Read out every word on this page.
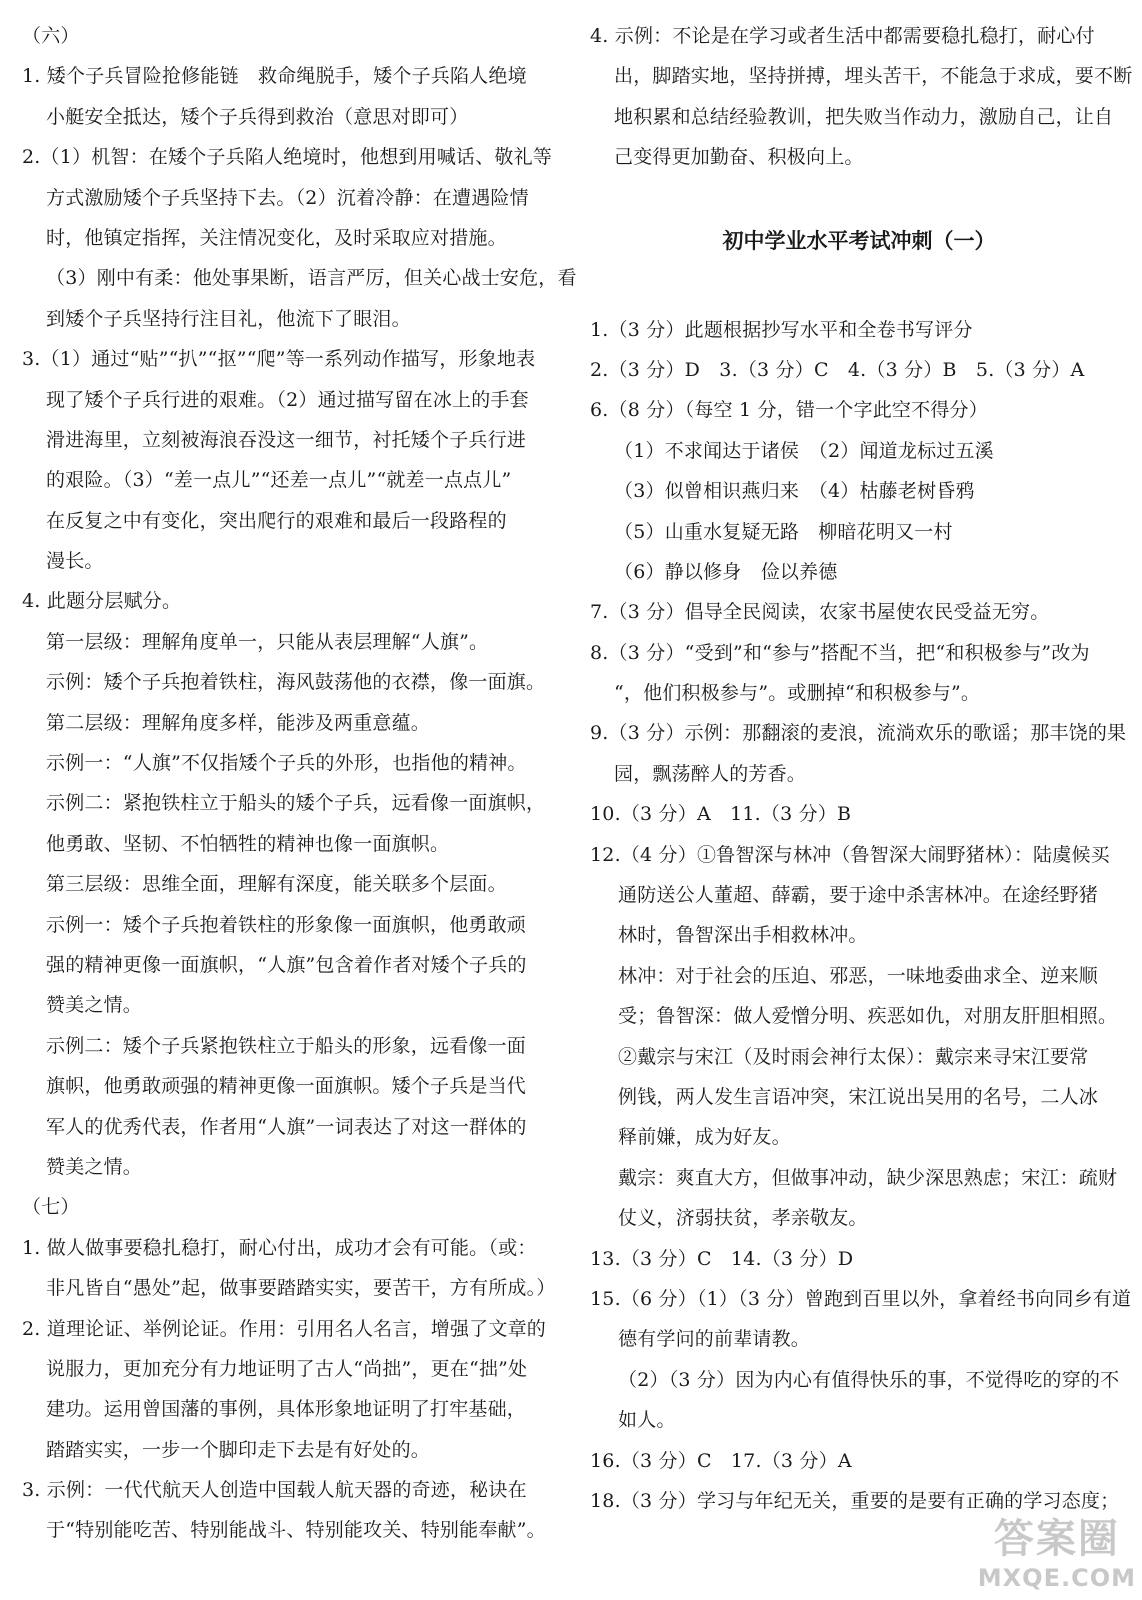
（六）
1. 矮个子兵冒险抢修能链　救命绳脱手，矮个子兵陷人绝境
小艇安全抵达，矮个子兵得到救治（意思对即可）
2.（1）机智：在矮个子兵陷人绝境时，他想到用喊话、敬礼等
方式激励矮个子兵坚持下去。（2）沉着冷静：在遭遇险情
时，他镇定指挥，关注情况变化，及时采取应对措施。
（3）刚中有柔：他处事果断，语言严厉，但关心战士安危，看
到矮个子兵坚持行注目礼，他流下了眼泪。
3.（1）通过“贴”“扒”“抠”“爬”等一系列动作描写，形象地表
现了矮个子兵行进的艰难。（2）通过描写留在冰上的手套
滑进海里，立刻被海浪吞没这一细节，衬托矮个子兵行进
的艰险。（3）“差一点儿”“还差一点儿”“就差一点点儿”
在反复之中有变化，突出爬行的艰难和最后一段路程的
漫长。
4. 此题分层赋分。
第一层级：理解角度单一，只能从表层理解“人旗”。
示例：矮个子兵抱着铁柱，海风鼓荡他的衣襟，像一面旗。
第二层级：理解角度多样，能涉及两重意蕴。
示例一：“人旗”不仅指矮个子兵的外形，也指他的精神。
示例二：紧抱铁柱立于船头的矮个子兵，远看像一面旗帜，
他勇敢、坚韧、不怕牺牲的精神也像一面旗帜。
第三层级：思维全面，理解有深度，能关联多个层面。
示例一：矮个子兵抱着铁柱的形象像一面旗帜，他勇敢顽
强的精神更像一面旗帜，“人旗”包含着作者对矮个子兵的
赞美之情。
示例二：矮个子兵紧抱铁柱立于船头的形象，远看像一面
旗帜，他勇敢顽强的精神更像一面旗帜。矮个子兵是当代
军人的优秀代表，作者用“人旗”一词表达了对这一群体的
赞美之情。
（七）
1. 做人做事要稳扎稳打，耐心付出，成功才会有可能。（或：
非凡皆自“愚处”起，做事要踏踏实实，要苦干，方有所成。）
2. 道理论证、举例论证。作用：引用名人名言，增强了文章的
说服力，更加充分有力地证明了古人“尚拙”，更在“拙”处
建功。运用曾国藩的事例，具体形象地证明了打牢基础，
踏踏实实，一步一个脚印走下去是有好处的。
3. 示例：一代代航天人创造中国载人航天器的奇迹，秘诀在
于“特别能吃苦、特别能战斗、特别能攻关、特别能奉献”。
4. 示例：不论是在学习或者生活中都需要稳扎稳打，耐心付
出，脚踏实地，坚持拼搏，埋头苦干，不能急于求成，要不断
地积累和总结经验教训，把失败当作动力，激励自己，让自
己变得更加勤奋、积极向上。
初中学业水平考试冲刺（一）
1.（3 分）此题根据抄写水平和全卷书写评分
2.（3 分）D　3.（3 分）C　4.（3 分）B　5.（3 分）A
6.（8 分）（每空 1 分，错一个字此空不得分）
（1）不求闻达于诸侯　（2）闻道龙标过五溪
（3）似曾相识燕归来　（4）枯藤老树昏鸦
（5）山重水复疑无路　柳暗花明又一村
（6）静以修身　俭以养德
7.（3 分）倡导全民阅读，农家书屋使农民受益无穷。
8.（3 分）“受到”和“参与”搭配不当，把“和积极参与”改为
“，他们积极参与”。或删掉“和积极参与”。
9.（3 分）示例：那翻滚的麦浪，流淌欢乐的歌谣；那丰饶的果
园，飘荡醉人的芳香。
10.（3 分）A　11.（3 分）B
12.（4 分）①鲁智深与林冲（鲁智深大闹野猪林）：陆虞候买
通防送公人董超、薛霸，要于途中杀害林冲。在途经野猪
林时，鲁智深出手相救林冲。
林冲：对于社会的压迫、邪恶，一味地委曲求全、逆来顺
受；鲁智深：做人爱憎分明、疾恶如仇，对朋友肝胆相照。
②戴宗与宋江（及时雨会神行太保）：戴宗来寻宋江要常
例钱，两人发生言语冲突，宋江说出吴用的名号，二人冰
释前嫌，成为好友。
戴宗：爽直大方，但做事冲动，缺少深思熟虑；宋江：疏财
仗义，济弱扶贫，孝亲敬友。
13.（3 分）C　14.（3 分）D
15.（6 分）（1）（3 分）曾跑到百里以外，拿着经书向同乡有道
德有学问的前辈请教。
（2）（3 分）因为内心有值得快乐的事，不觉得吃的穿的不
如人。
16.（3 分）C　17.（3 分）A
18.（3 分）学习与年纪无关，重要的是要有正确的学习态度；
答案圈
MXQE.COM
